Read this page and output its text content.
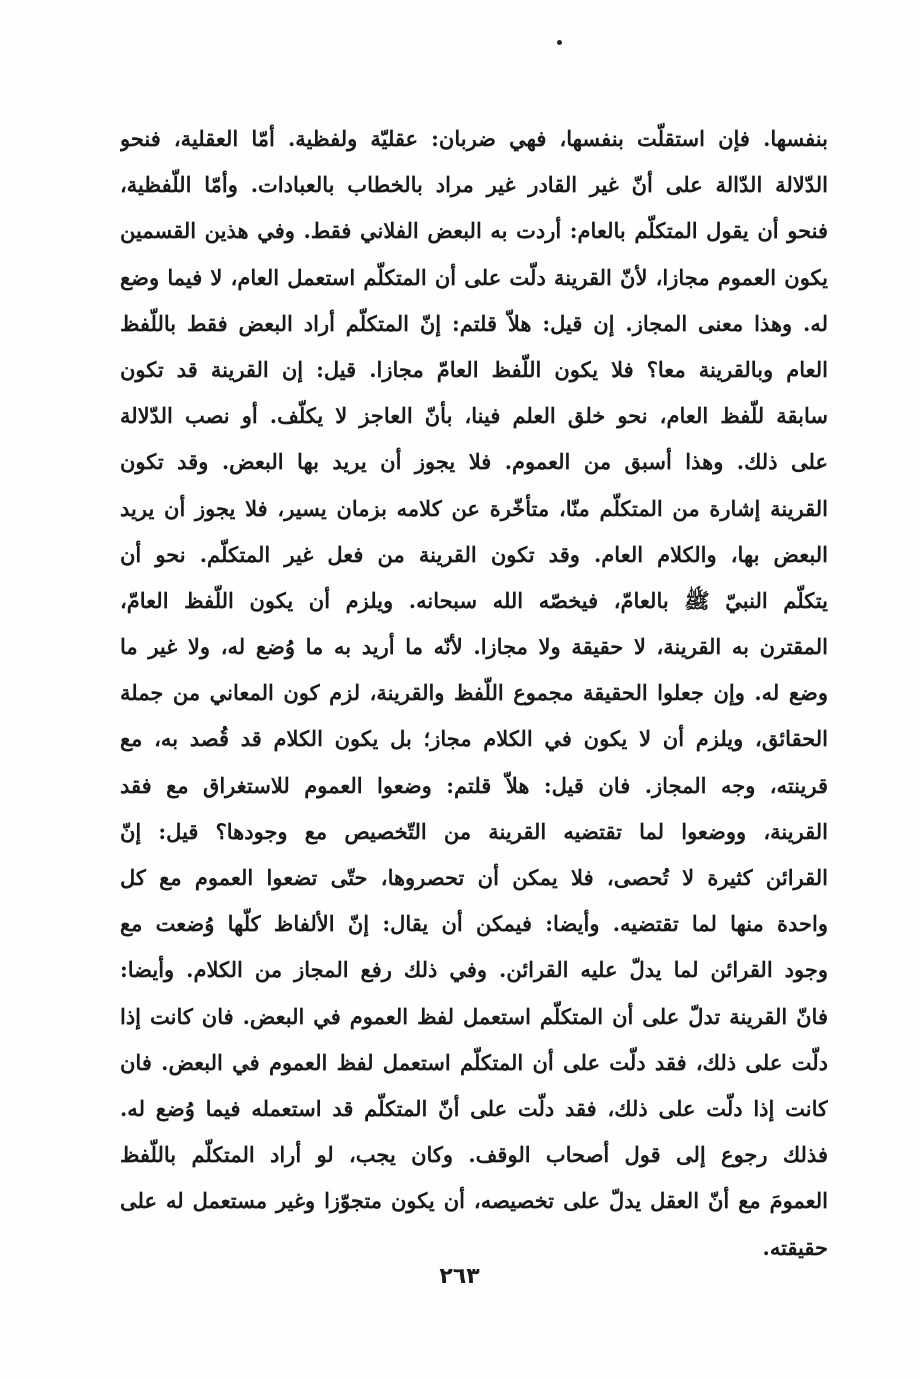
بنفسها. فإن استقلّت بنفسها، فهي ضربان: عقليّة ولفظية. أمّا العقلية، فنحو
الدّلالة الدّالة على أنّ غير القادر غير مراد بالخطاب بالعبادات. وأمّا اللّفظية،
فنحو أن يقول المتكلّم بالعام: أردت به البعض الفلاني فقط. وفي هذين القسمين
يكون العموم مجازا، لأنّ القرينة دلّت على أن المتكلّم استعمل العام، لا فيما وضع
له. وهذا معنى المجاز. إن قيل: هلاّ قلتم: إنّ المتكلّم أراد البعض فقط باللّفظ
العام وبالقرينة معا؟ فلا يكون اللّفظ العامّ مجازا. قيل: إن القرينة قد تكون
سابقة للّفظ العام، نحو خلق العلم فينا، بأنّ العاجز لا يكلّف. أو نصب الدّلالة
على ذلك. وهذا أسبق من العموم. فلا يجوز أن يريد بها البعض. وقد تكون
القرينة إشارة من المتكلّم منّا، متأخّرة عن كلامه بزمان يسير، فلا يجوز أن يريد
البعض بها، والكلام العام. وقد تكون القرينة من فعل غير المتكلّم. نحو أن
يتكلّم النبيّ ﷺ بالعامّ، فيخصّه الله سبحانه. ويلزم أن يكون اللّفظ العامّ،
المقترن به القرينة، لا حقيقة ولا مجازا. لأنّه ما أريد به ما وُضع له، ولا غير ما
وضع له. وإن جعلوا الحقيقة مجموع اللّفظ والقرينة، لزم كون المعاني من جملة
الحقائق، ويلزم أن لا يكون في الكلام مجاز؛ بل يكون الكلام قد قُصد به، مع
قرينته، وجه المجاز. فان قيل: هلاّ قلتم: وضعوا العموم للاستغراق مع فقد
القرينة، ووضعوا لما تقتضيه القرينة من التّخصيص مع وجودها؟ قيل: إنّ
القرائن كثيرة لا تُحصى، فلا يمكن أن تحصروها، حتّى تضعوا العموم مع كل
واحدة منها لما تقتضيه. وأيضا: فيمكن أن يقال: إنّ الألفاظ كلّها وُضعت مع
وجود القرائن لما يدلّ عليه القرائن. وفي ذلك رفع المجاز من الكلام. وأيضا:
فانّ القرينة تدلّ على أن المتكلّم استعمل لفظ العموم في البعض. فان كانت إذا
دلّت على ذلك، فقد دلّت على أن المتكلّم استعمل لفظ العموم في البعض. فان
كانت إذا دلّت على ذلك، فقد دلّت على أنّ المتكلّم قد استعمله فيما وُضع له.
فذلك رجوع إلى قول أصحاب الوقف. وكان يجب، لو أراد المتكلّم باللّفظ
العمومَ مع أنّ العقل يدلّ على تخصيصه، أن يكون متجوّزا وغير مستعمل له على
حقيقته.
٢٦٣
